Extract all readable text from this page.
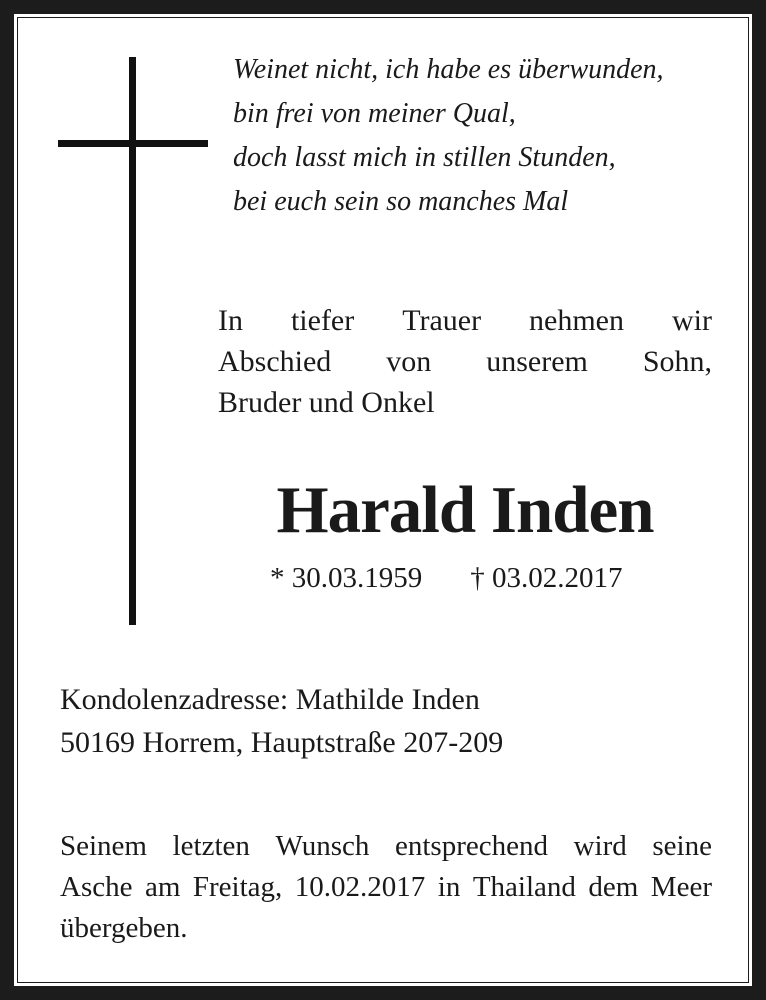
Weinet nicht, ich habe es überwunden,
bin frei von meiner Qual,
doch lasst mich in stillen Stunden,
bei euch sein so manches Mal
In tiefer Trauer nehmen wir
Abschied von unserem Sohn,
Bruder und Onkel
Harald Inden
* 30.03.1959 † 03.02.2017
Kondolenzadresse: Mathilde Inden
50169 Horrem, Hauptstraße 207-209
Seinem letzten Wunsch entsprechend wird seine
Asche am Freitag, 10.02.2017 in Thailand dem Meer
übergeben.
